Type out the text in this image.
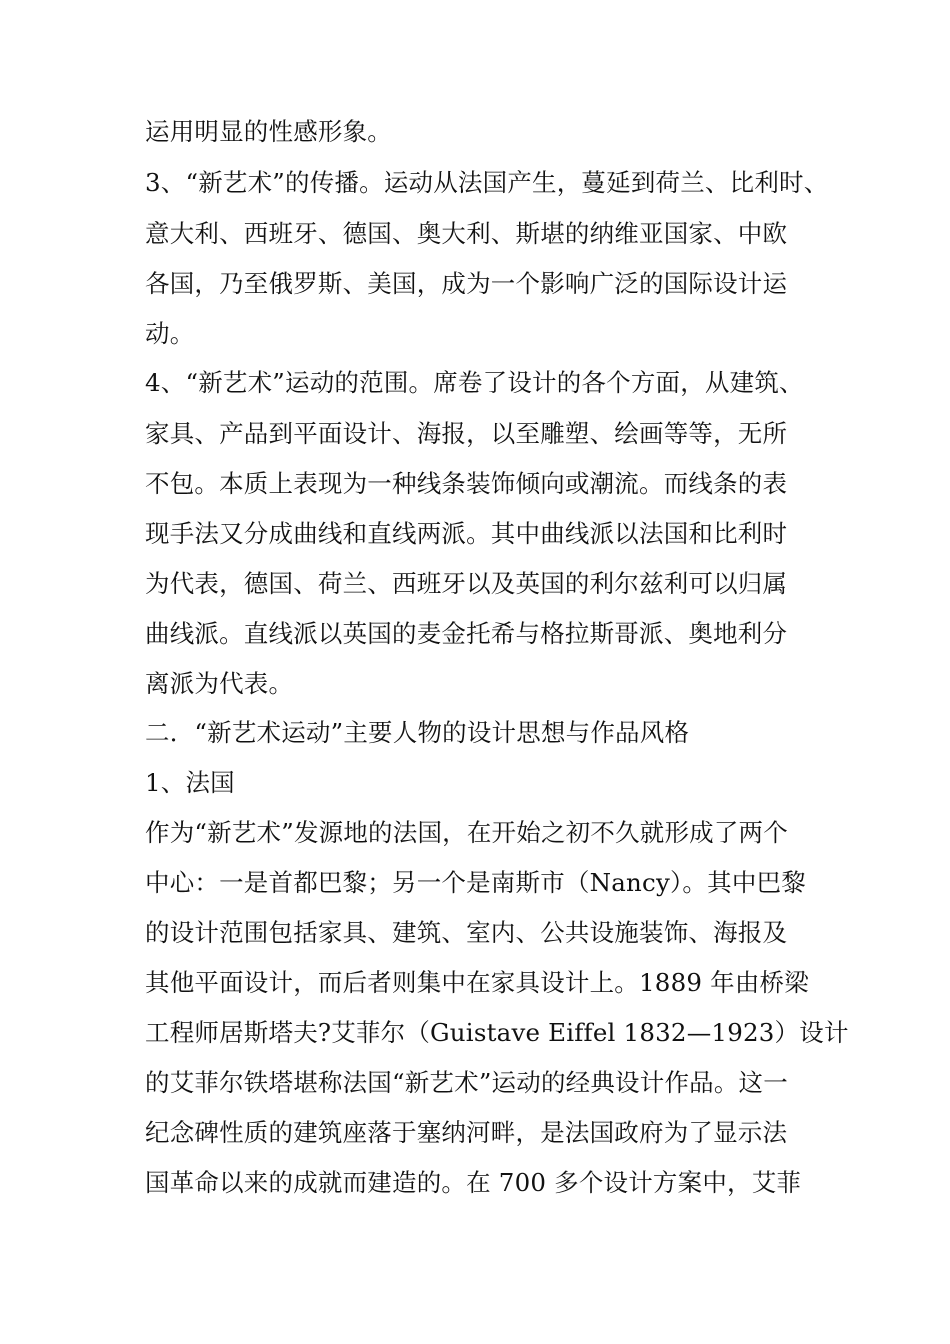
运用明显的性感形象。
3、“新艺术”的传播。运动从法国产生，蔓延到荷兰、比利时、
意大利、西班牙、德国、奥大利、斯堪的纳维亚国家、中欧
各国，乃至俄罗斯、美国，成为一个影响广泛的国际设计运
动。
4、“新艺术”运动的范围。席卷了设计的各个方面，从建筑、
家具、产品到平面设计、海报，以至雕塑、绘画等等，无所
不包。本质上表现为一种线条装饰倾向或潮流。而线条的表
现手法又分成曲线和直线两派。其中曲线派以法国和比利时
为代表，德国、荷兰、西班牙以及英国的利尔兹利可以归属
曲线派。直线派以英国的麦金托希与格拉斯哥派、奥地利分
离派为代表。
二．“新艺术运动”主要人物的设计思想与作品风格
1、法国
作为“新艺术”发源地的法国，在开始之初不久就形成了两个
中心：一是首都巴黎；另一个是南斯市（Nancy）。其中巴黎
的设计范围包括家具、建筑、室内、公共设施装饰、海报及
其他平面设计，而后者则集中在家具设计上。1889 年由桥梁
工程师居斯塔夫?艾菲尔（Guistave Eiffel 1832—1923）设计
的艾菲尔铁塔堪称法国“新艺术”运动的经典设计作品。这一
纪念碑性质的建筑座落于塞纳河畔，是法国政府为了显示法
国革命以来的成就而建造的。在 700 多个设计方案中，艾菲
